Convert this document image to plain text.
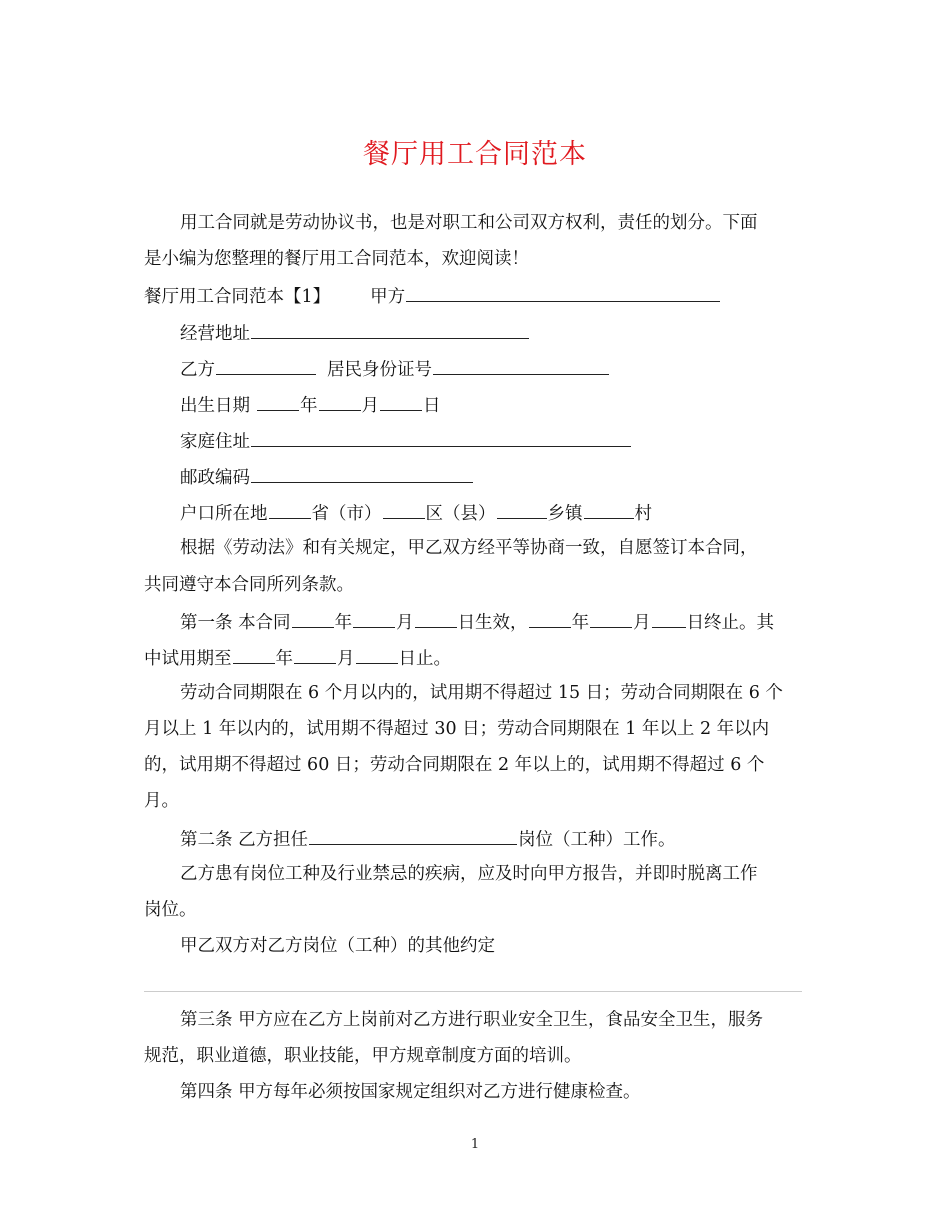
餐厅用工合同范本
用工合同就是劳动协议书，也是对职工和公司双方权利，责任的划分。下面
是小编为您整理的餐厅用工合同范本，欢迎阅读！
餐厅用工合同范本【1】 甲方
经营地址
乙方	居民身份证号
出生日期	年	月	日
家庭住址
邮政编码
户口所在地	省（市）	区（县）	乡镇	村
根据《劳动法》和有关规定，甲乙双方经平等协商一致，自愿签订本合同，
共同遵守本合同所列条款。
第一条 本合同	年	月	日生效，	年	月 日终止。其
中试用期至	年	月	日止。
劳动合同期限在 6 个月以内的，试用期不得超过 15 日；劳动合同期限在 6 个
月以上 1 年以内的，试用期不得超过 30 日；劳动合同期限在 1 年以上 2 年以内
的，试用期不得超过 60 日；劳动合同期限在 2 年以上的，试用期不得超过 6 个
月。
第二条 乙方担任	岗位（工种）工作。
乙方患有岗位工种及行业禁忌的疾病，应及时向甲方报告，并即时脱离工作
岗位。
甲乙双方对乙方岗位（工种）的其他约定
第三条 甲方应在乙方上岗前对乙方进行职业安全卫生，食品安全卫生，服务
规范，职业道德，职业技能，甲方规章制度方面的培训。
第四条 甲方每年必须按国家规定组织对乙方进行健康检查。
1
